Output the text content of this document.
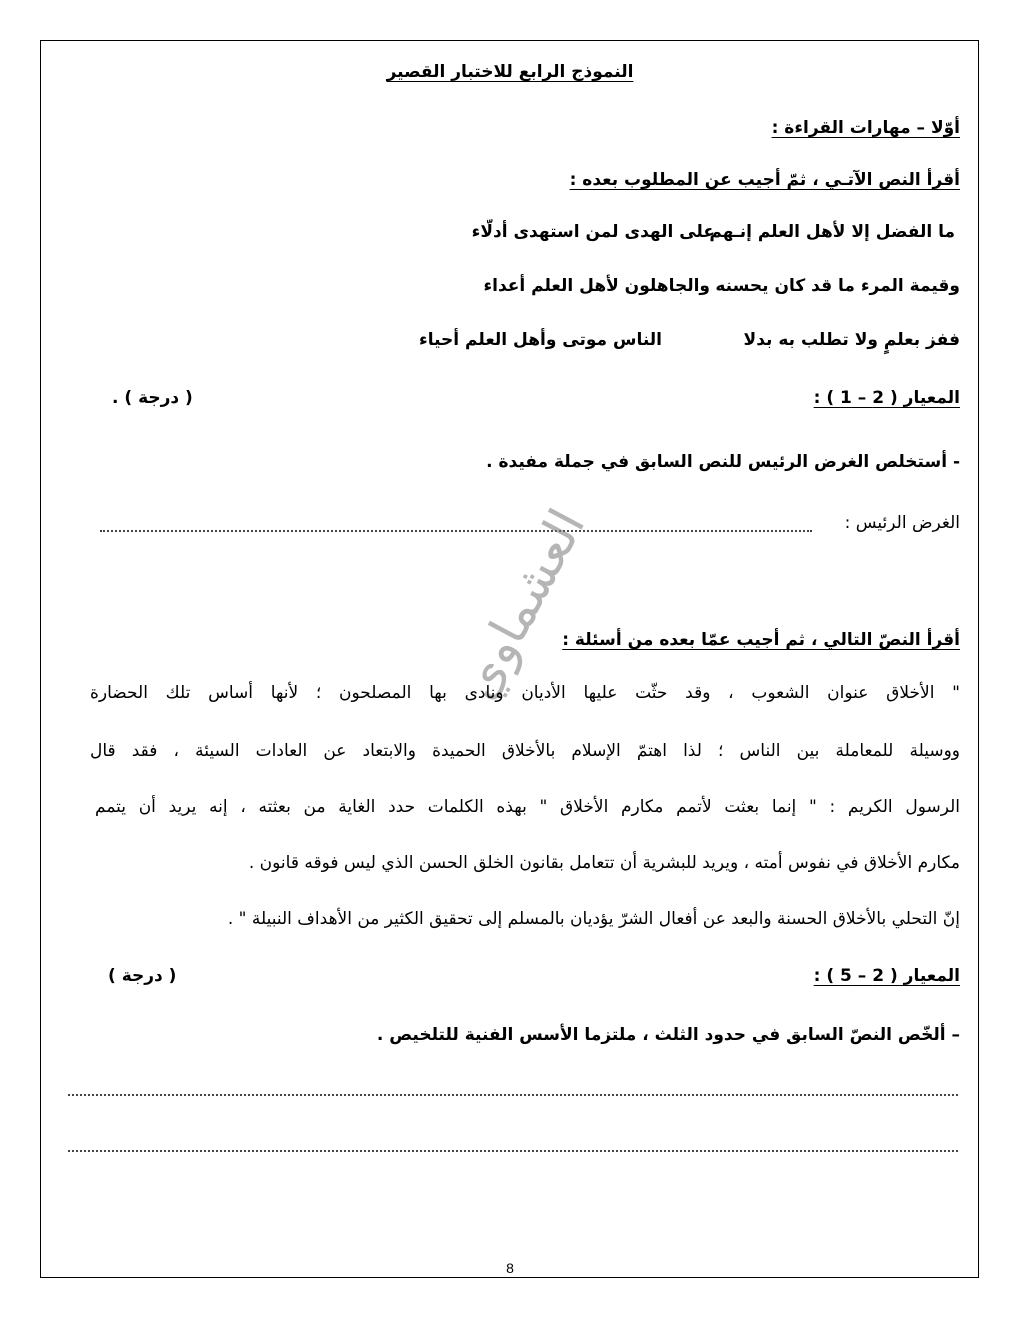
النموذج الرابع للاختبار القصير
أوّلا – مهارات القراءة :
أقرأ النص الآتـي ، ثمّ أجيب عن المطلوب بعده :
ما الفضل إلا لأهل العلم إنـهم
على الهدى لمن استهدى أدلّاء
وقيمة المرء ما قد كان يحسنه
والجاهلون لأهل العلم أعداء
ففز بعلمٍ ولا تطلب به بدلا
الناس موتى وأهل العلم أحياء
المعيار ( 2 – 1 ) :
( درجة ) .
- أستخلص الغرض الرئيس للنص السابق في جملة مفيدة .
الغرض الرئيس :
العشماوي
أقرأ النصّ التالي ، ثم أجيب عمّا بعده من أسئلة :
" الأخلاق عنوان الشعوب ، وقد حثّت عليها الأديان ونادى بها المصلحون ؛ لأنها أساس تلك الحضارة
ووسيلة للمعاملة بين الناس ؛ لذا اهتمّ الإسلام بالأخلاق الحميدة والابتعاد عن العادات السيئة ، فقد قال
الرسول الكريم : " إنما بعثت لأتمم مكارم الأخلاق " بهذه الكلمات حدد الغاية من بعثته ، إنه يريد أن يتمم
مكارم الأخلاق في نفوس أمته ، ويريد للبشرية أن تتعامل بقانون الخلق الحسن الذي ليس فوقه قانون .
إنّ التحلي بالأخلاق الحسنة والبعد عن أفعال الشرّ يؤديان بالمسلم إلى تحقيق الكثير من الأهداف النبيلة " .
المعيار ( 2 – 5 ) :
( درجة )
– ألخّص النصّ السابق في حدود الثلث ، ملتزما الأسس الفنية للتلخيص .
8
